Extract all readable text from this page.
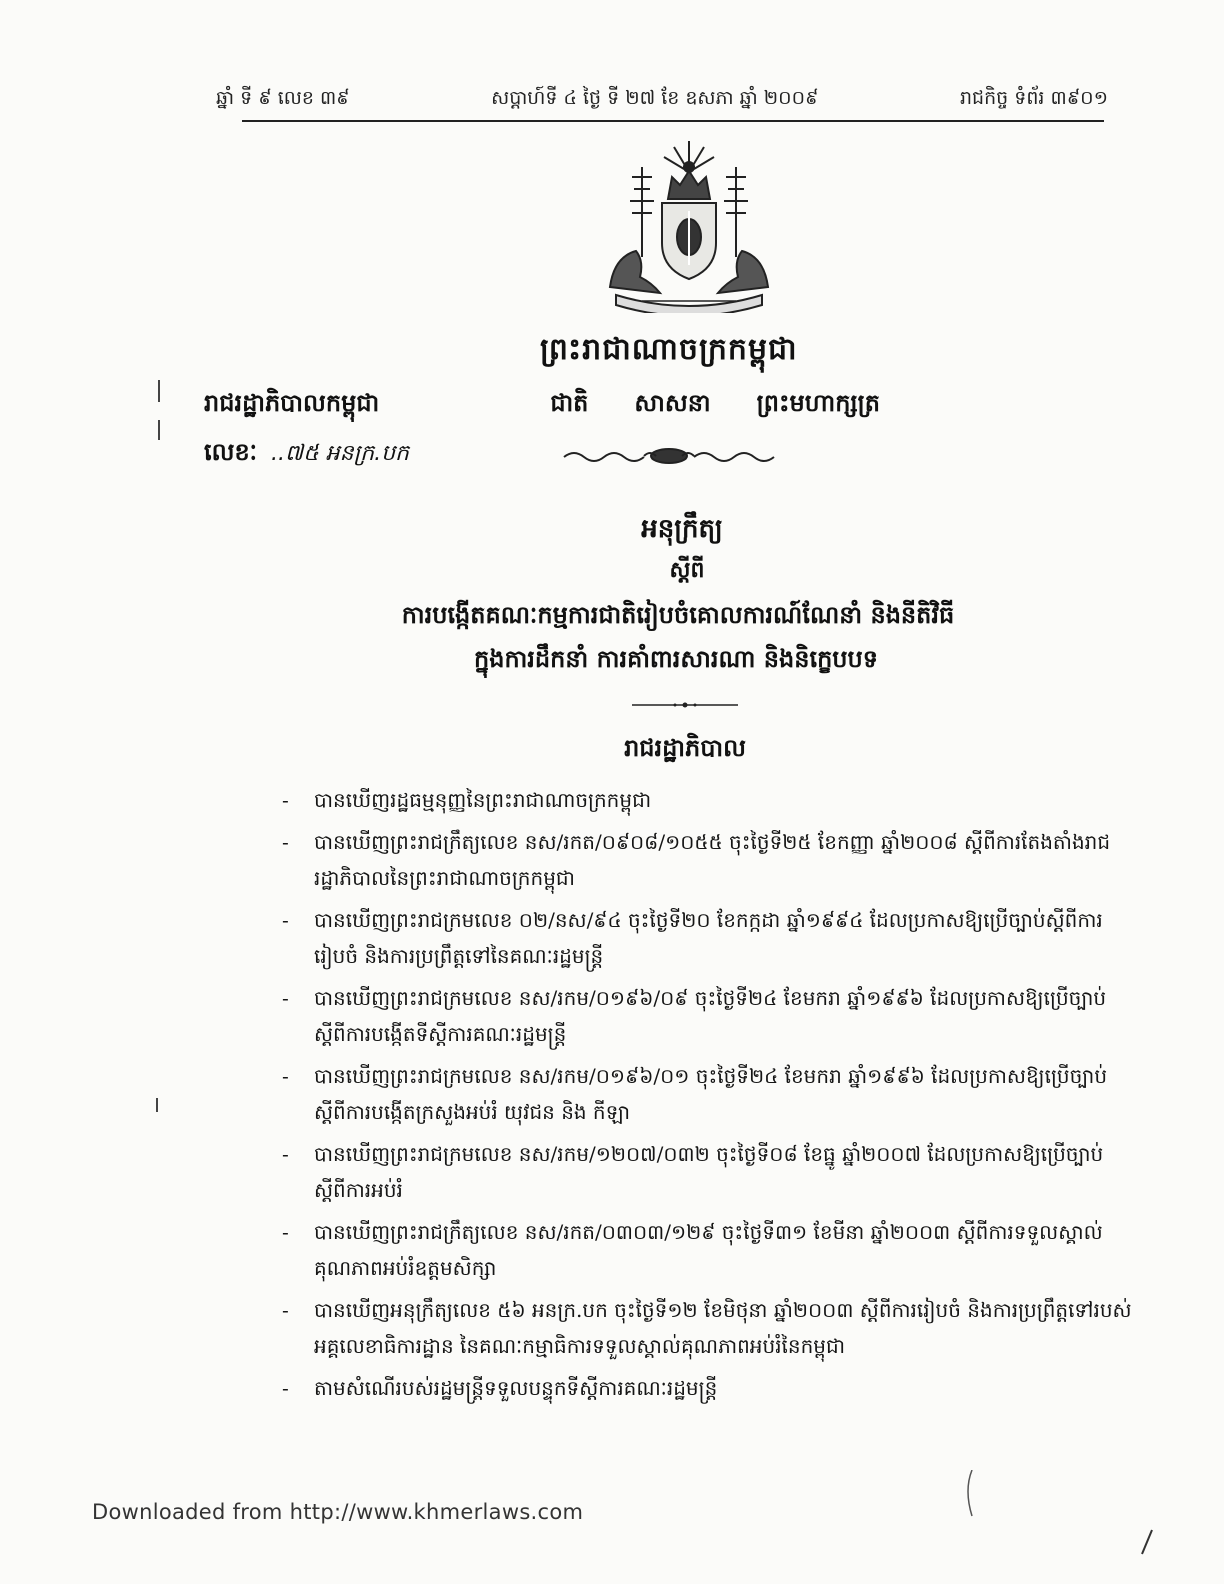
ឆ្នាំ ទី ៩ លេខ ៣៩	សប្តាហ៍ទី ៤ ថ្ងៃ ទី ២៧ ខែ ឧសភា ឆ្នាំ ២០០៩	រាជកិច្ច ទំព័រ ៣៩០១
ព្រះរាជាណាចក្រកម្ពុជា
រាជរដ្ឋាភិបាលកម្ពុជា	ជាតិ សាសនា ព្រះមហាក្សត្រ
លេខៈ ..៧៥ អនក្រ.បក
អនុក្រឹត្យ
ស្តីពី
ការបង្កើតគណៈកម្មការជាតិរៀបចំគោលការណ៍ណែនាំ និងនីតិវិធី
ក្នុងការដឹកនាំ ការគាំពារសារណា និងនិក្ខេបបទ
រាជរដ្ឋាភិបាល
- បានឃើញរដ្ឋធម្មនុញ្ញនៃព្រះរាជាណាចក្រកម្ពុជា
- បានឃើញព្រះរាជក្រឹត្យលេខ នស/រកត/០៩០៨/១០៥៥ ចុះថ្ងៃទី២៥ ខែកញ្ញា ឆ្នាំ២០០៨ ស្តីពីការតែងតាំងរាជរដ្ឋាភិបាលនៃព្រះរាជាណាចក្រកម្ពុជា
- បានឃើញព្រះរាជក្រមលេខ ០២/នស/៩៤ ចុះថ្ងៃទី២០ ខែកក្កដា ឆ្នាំ១៩៩៤ ដែលប្រកាសឱ្យប្រើច្បាប់ស្តីពីការរៀបចំ និងការប្រព្រឹត្តទៅនៃគណៈរដ្ឋមន្ត្រី
- បានឃើញព្រះរាជក្រមលេខ នស/រកម/០១៩៦/០៩ ចុះថ្ងៃទី២៤ ខែមករា ឆ្នាំ១៩៩៦ ដែលប្រកាសឱ្យប្រើច្បាប់ ស្តីពីការបង្កើតទីស្តីការគណៈរដ្ឋមន្ត្រី
- បានឃើញព្រះរាជក្រមលេខ នស/រកម/០១៩៦/០១ ចុះថ្ងៃទី២៤ ខែមករា ឆ្នាំ១៩៩៦ ដែលប្រកាសឱ្យប្រើច្បាប់ស្តីពីការបង្កើតក្រសួងអប់រំ យុវជន និង កីឡា
- បានឃើញព្រះរាជក្រមលេខ នស/រកម/១២០៧/០៣២ ចុះថ្ងៃទី០៨ ខែធ្នូ ឆ្នាំ២០០៧ ដែលប្រកាសឱ្យប្រើច្បាប់ស្តីពីការអប់រំ
- បានឃើញព្រះរាជក្រឹត្យលេខ នស/រកត/០៣០៣/១២៩ ចុះថ្ងៃទី៣១ ខែមីនា ឆ្នាំ២០០៣ ស្តីពីការទទួលស្គាល់គុណភាពអប់រំឧត្តមសិក្សា
- បានឃើញអនុក្រឹត្យលេខ ៥៦ អនក្រ.បក ចុះថ្ងៃទី១២ ខែមិថុនា ឆ្នាំ២០០៣ ស្តីពីការរៀបចំ និងការប្រព្រឹត្តទៅរបស់អគ្គលេខាធិការដ្ឋាន នៃគណៈកម្មាធិការទទួលស្គាល់គុណភាពអប់រំនៃកម្ពុជា
- តាមសំណើរបស់រដ្ឋមន្ត្រីទទួលបន្ទុកទីស្តីការគណៈរដ្ឋមន្ត្រី
Downloaded from http://www.khmerlaws.com
